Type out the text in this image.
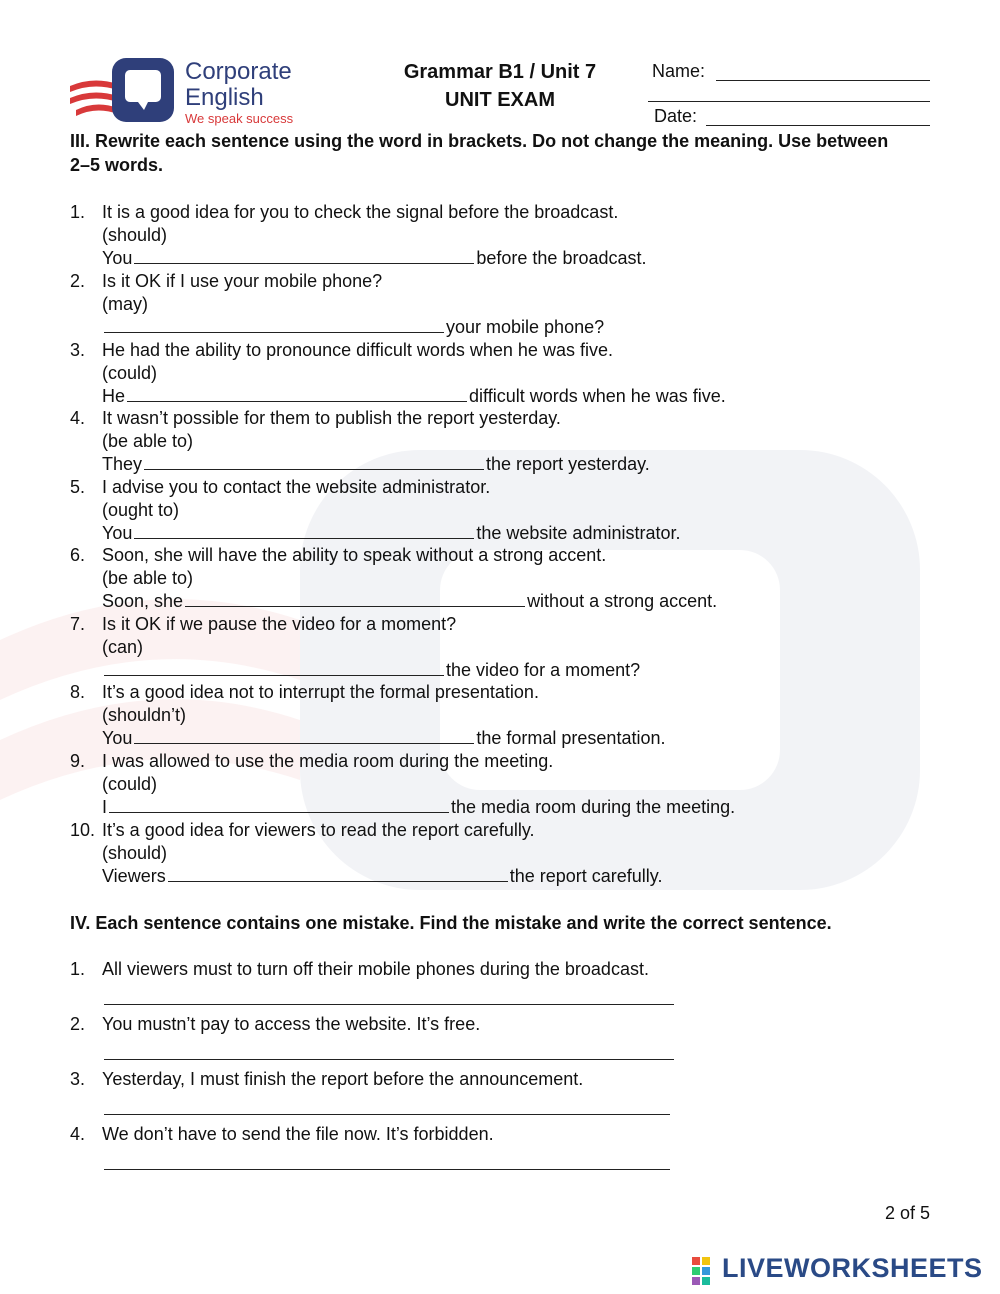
Corporate
English
We speak success
Grammar B1 / Unit 7
UNIT EXAM
Name:
Date:
III. Rewrite each sentence using the word in brackets. Do not change the meaning. Use between 2–5 words.
1. It is a good idea for you to check the signal before the broadcast.
(should)
You	before the broadcast.
2. Is it OK if I use your mobile phone?
(may)
your mobile phone?
3. He had the ability to pronounce difficult words when he was five.
(could)
He	difficult words when he was five.
4. It wasn’t possible for them to publish the report yesterday.
(be able to)
They	the report yesterday.
5. I advise you to contact the website administrator.
(ought to)
You	the website administrator.
6. Soon, she will have the ability to speak without a strong accent.
(be able to)
Soon, she	without a strong accent.
7. Is it OK if we pause the video for a moment?
(can)
the video for a moment?
8. It’s a good idea not to interrupt the formal presentation.
(shouldn’t)
You	the formal presentation.
9. I was allowed to use the media room during the meeting.
(could)
I	the media room during the meeting.
10. It’s a good idea for viewers to read the report carefully.
(should)
Viewers	the report carefully.
IV. Each sentence contains one mistake. Find the mistake and write the correct sentence.
1. All viewers must to turn off their mobile phones during the broadcast.
2. You mustn’t pay to access the website. It’s free.
3. Yesterday, I must finish the report before the announcement.
4. We don’t have to send the file now. It’s forbidden.
2 of 5
LIVEWORKSHEETS
